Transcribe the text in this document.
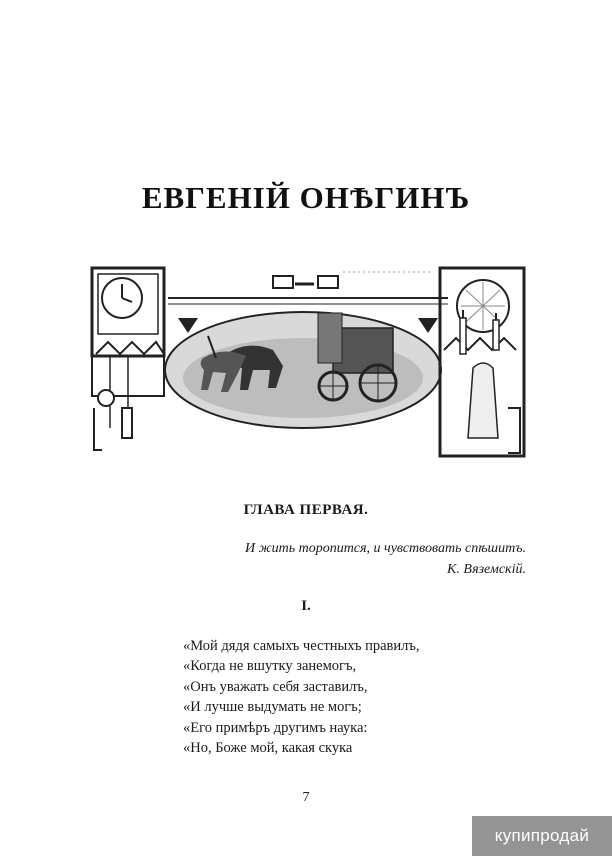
ЕВГЕНІЙ ОНѢГИНЪ
ГЛАВА ПЕРВАЯ.
И жить торопится, и чувствовать спѣшитъ.
К. Вяземскій.
I.
«Мой дядя самыхъ честныхъ правилъ,
«Когда не вшутку занемогъ,
«Онъ уважать себя заставилъ,
«И лучше выдумать не могъ;
«Его примѣръ другимъ наука:
«Но, Боже мой, какая скука
7
купипродай
